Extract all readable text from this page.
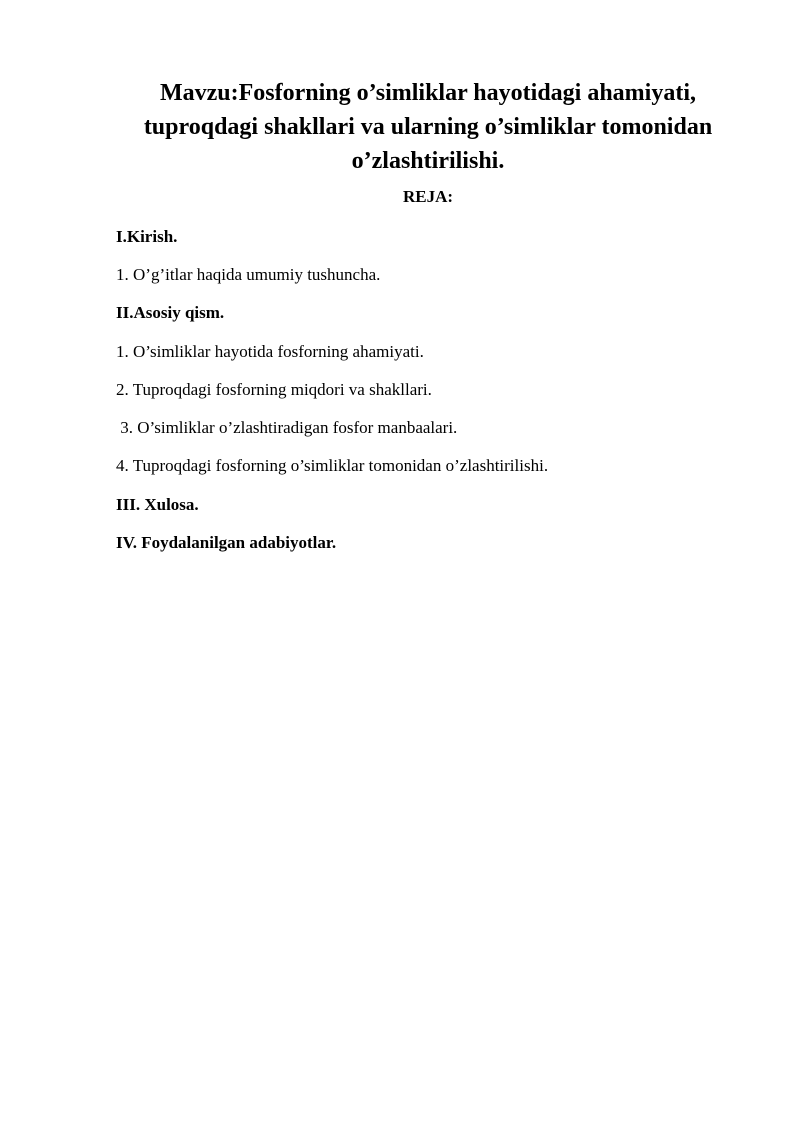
Mavzu:Fosforning o’simliklar hayotidagi ahamiyati,
tuproqdagi shakllari va ularning o’simliklar tomonidan
o’zlashtirilishi.

REJA:

I.Kirish.

1. O’g’itlar haqida umumiy tushuncha.

II.Asosiy qism.

1. O’simliklar hayotida fosforning ahamiyati.

2. Tuproqdagi fosforning miqdori va shakllari.

3. O’simliklar o’zlashtiradigan fosfor manbaalari.

4. Tuproqdagi fosforning o’simliklar tomonidan o’zlashtirilishi.

III. Xulosa.

IV. Foydalanilgan adabiyotlar.
